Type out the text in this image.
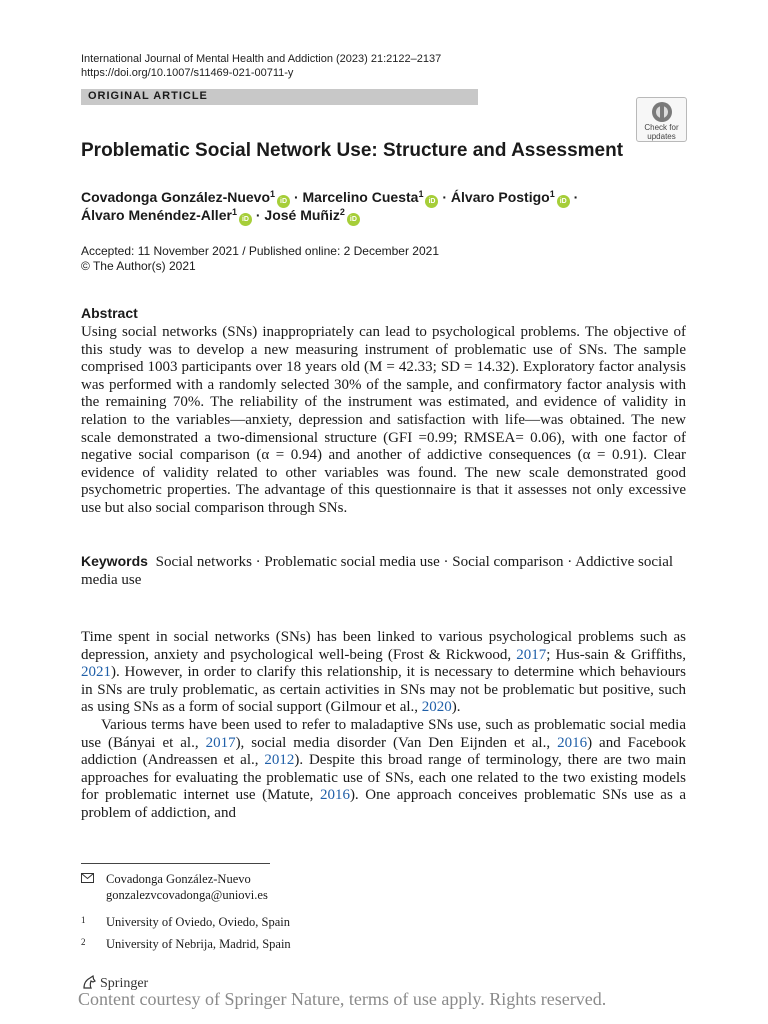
International Journal of Mental Health and Addiction (2023) 21:2122–2137
https://doi.org/10.1007/s11469-021-00711-y
ORIGINAL ARTICLE
Check for
updates
Problematic Social Network Use: Structure and Assessment
Covadonga González-Nuevo$^1$iD · Marcelino Cuesta$^1$iD · Álvaro Postigo$^1$iD ·
Álvaro Menéndez-Aller$^1$iD · José Muñiz$^2$iD
Accepted: 11 November 2021 / Published online: 2 December 2021
© The Author(s) 2021
Abstract
Using social networks (SNs) inappropriately can lead to psychological problems. The objective of this study was to develop a new measuring instrument of problematic use of SNs. The sample comprised 1003 participants over 18 years old (M = 42.33; SD = 14.32). Exploratory factor analysis was performed with a randomly selected 30% of the sample, and confirmatory factor analysis with the remaining 70%. The reliability of the instrument was estimated, and evidence of validity in relation to the variables—anxiety, depression and satisfaction with life—was obtained. The new scale demonstrated a two-dimensional structure (GFI =0.99; RMSEA= 0.06), with one factor of negative social comparison (α = 0.94) and another of addictive consequences (α = 0.91). Clear evidence of validity related to other variables was found. The new scale demonstrated good psychometric properties. The advantage of this questionnaire is that it assesses not only excessive use but also social comparison through SNs.
Keywords Social networks · Problematic social media use · Social comparison · Addictive social media use

Time spent in social networks (SNs) has been linked to various psychological problems such as depression, anxiety and psychological well-being (Frost & Rickwood, 2017; Hus-sain & Griffiths, 2021). However, in order to clarify this relationship, it is necessary to determine which behaviours in SNs are truly problematic, as certain activities in SNs may not be problematic but positive, such as using SNs as a form of social support (Gilmour et al., 2020).

Various terms have been used to refer to maladaptive SNs use, such as problematic social media use (Bányai et al., 2017), social media disorder (Van Den Eijnden et al., 2016) and Facebook addiction (Andreassen et al., 2012). Despite this broad range of terminology, there are two main approaches for evaluating the problematic use of SNs, each one related to the two existing models for problematic internet use (Matute, 2016). One approach conceives problematic SNs use as a problem of addiction, and

Covadonga González-Nuevo
gonzalezvcovadonga@uniovi.es
1 University of Oviedo, Oviedo, Spain
2 University of Nebrija, Madrid, Spain
Springer
Content courtesy of Springer Nature, terms of use apply. Rights reserved.
